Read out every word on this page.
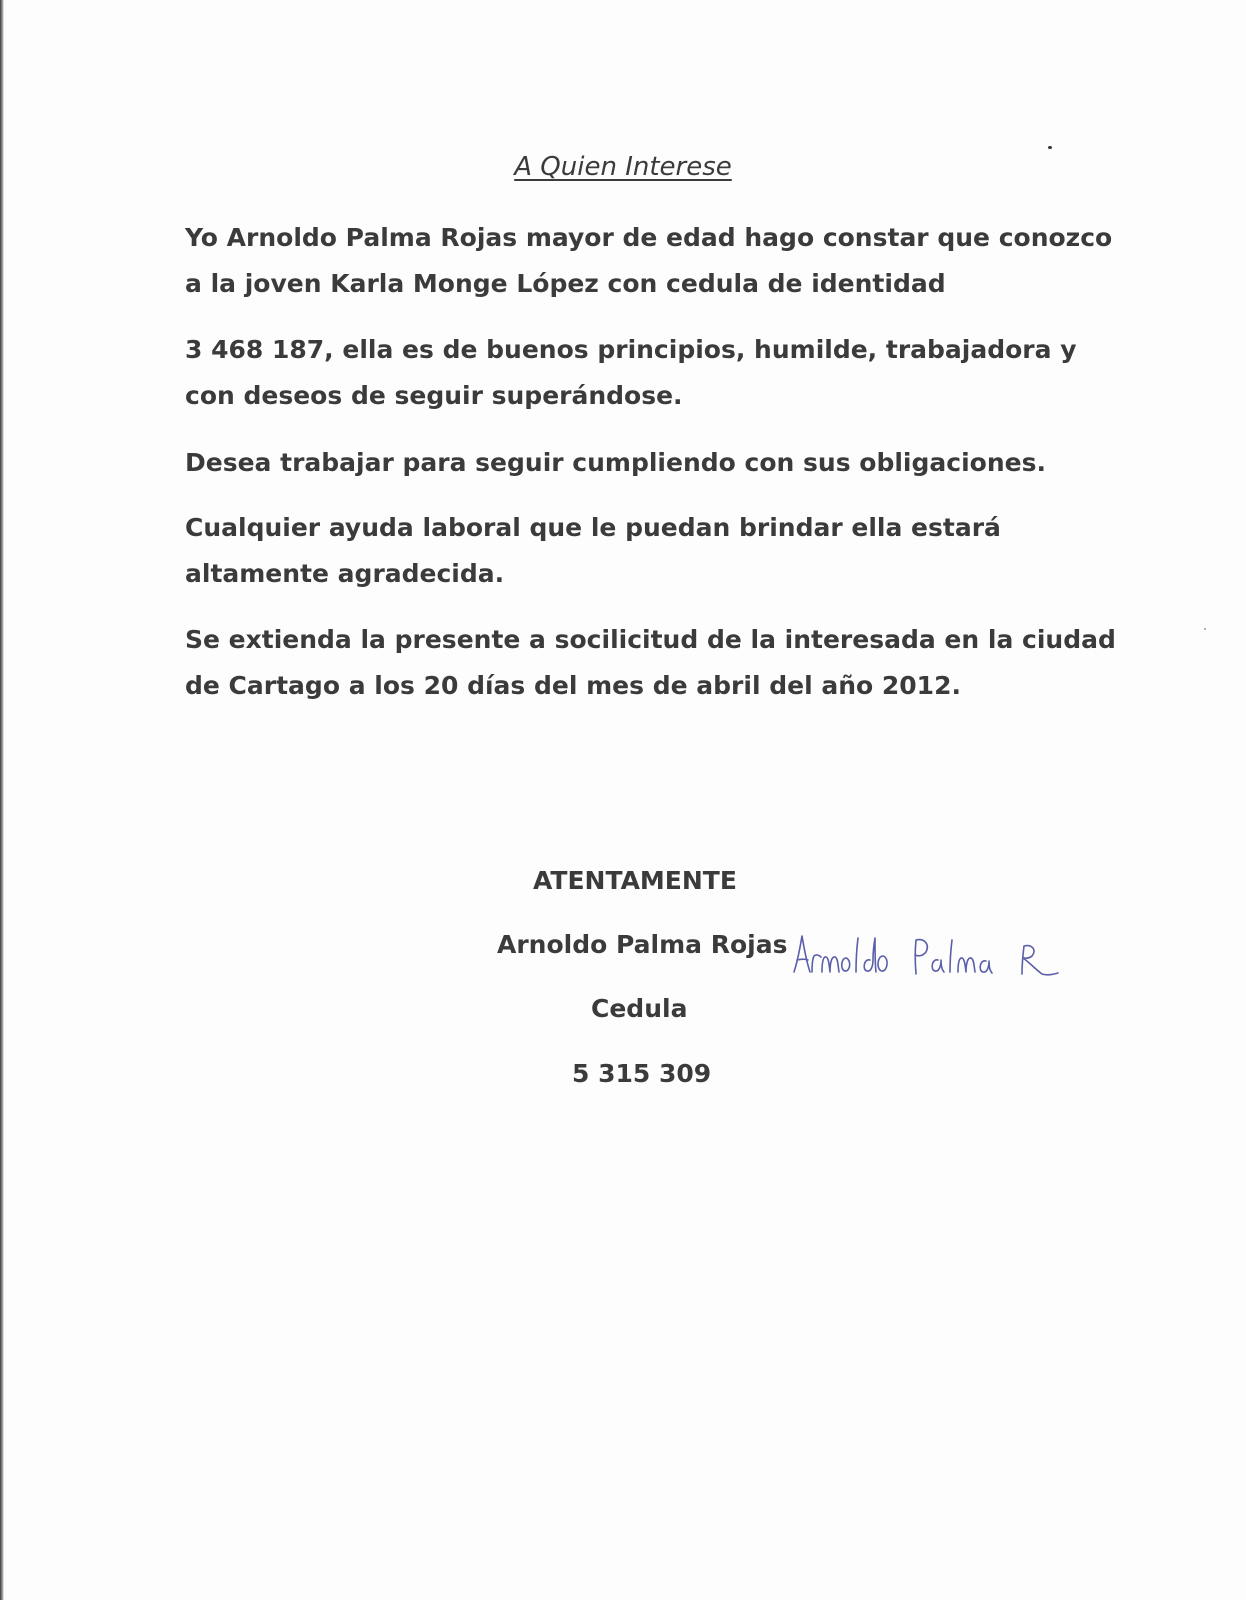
A Quien Interese

Yo Arnoldo Palma Rojas mayor de edad hago constar que conozco
a la joven Karla Monge López con cedula de identidad

3 468 187, ella es de buenos principios, humilde, trabajadora y
con deseos de seguir superándose.

Desea trabajar para seguir cumpliendo con sus obligaciones.

Cualquier ayuda laboral que le puedan brindar ella estará
altamente agradecida.

Se extienda la presente a socilicitud de la interesada en la ciudad
de Cartago a los 20 días del mes de abril del año 2012.

ATENTAMENTE

Arnoldo Palma Rojas

Cedula

5 315 309
